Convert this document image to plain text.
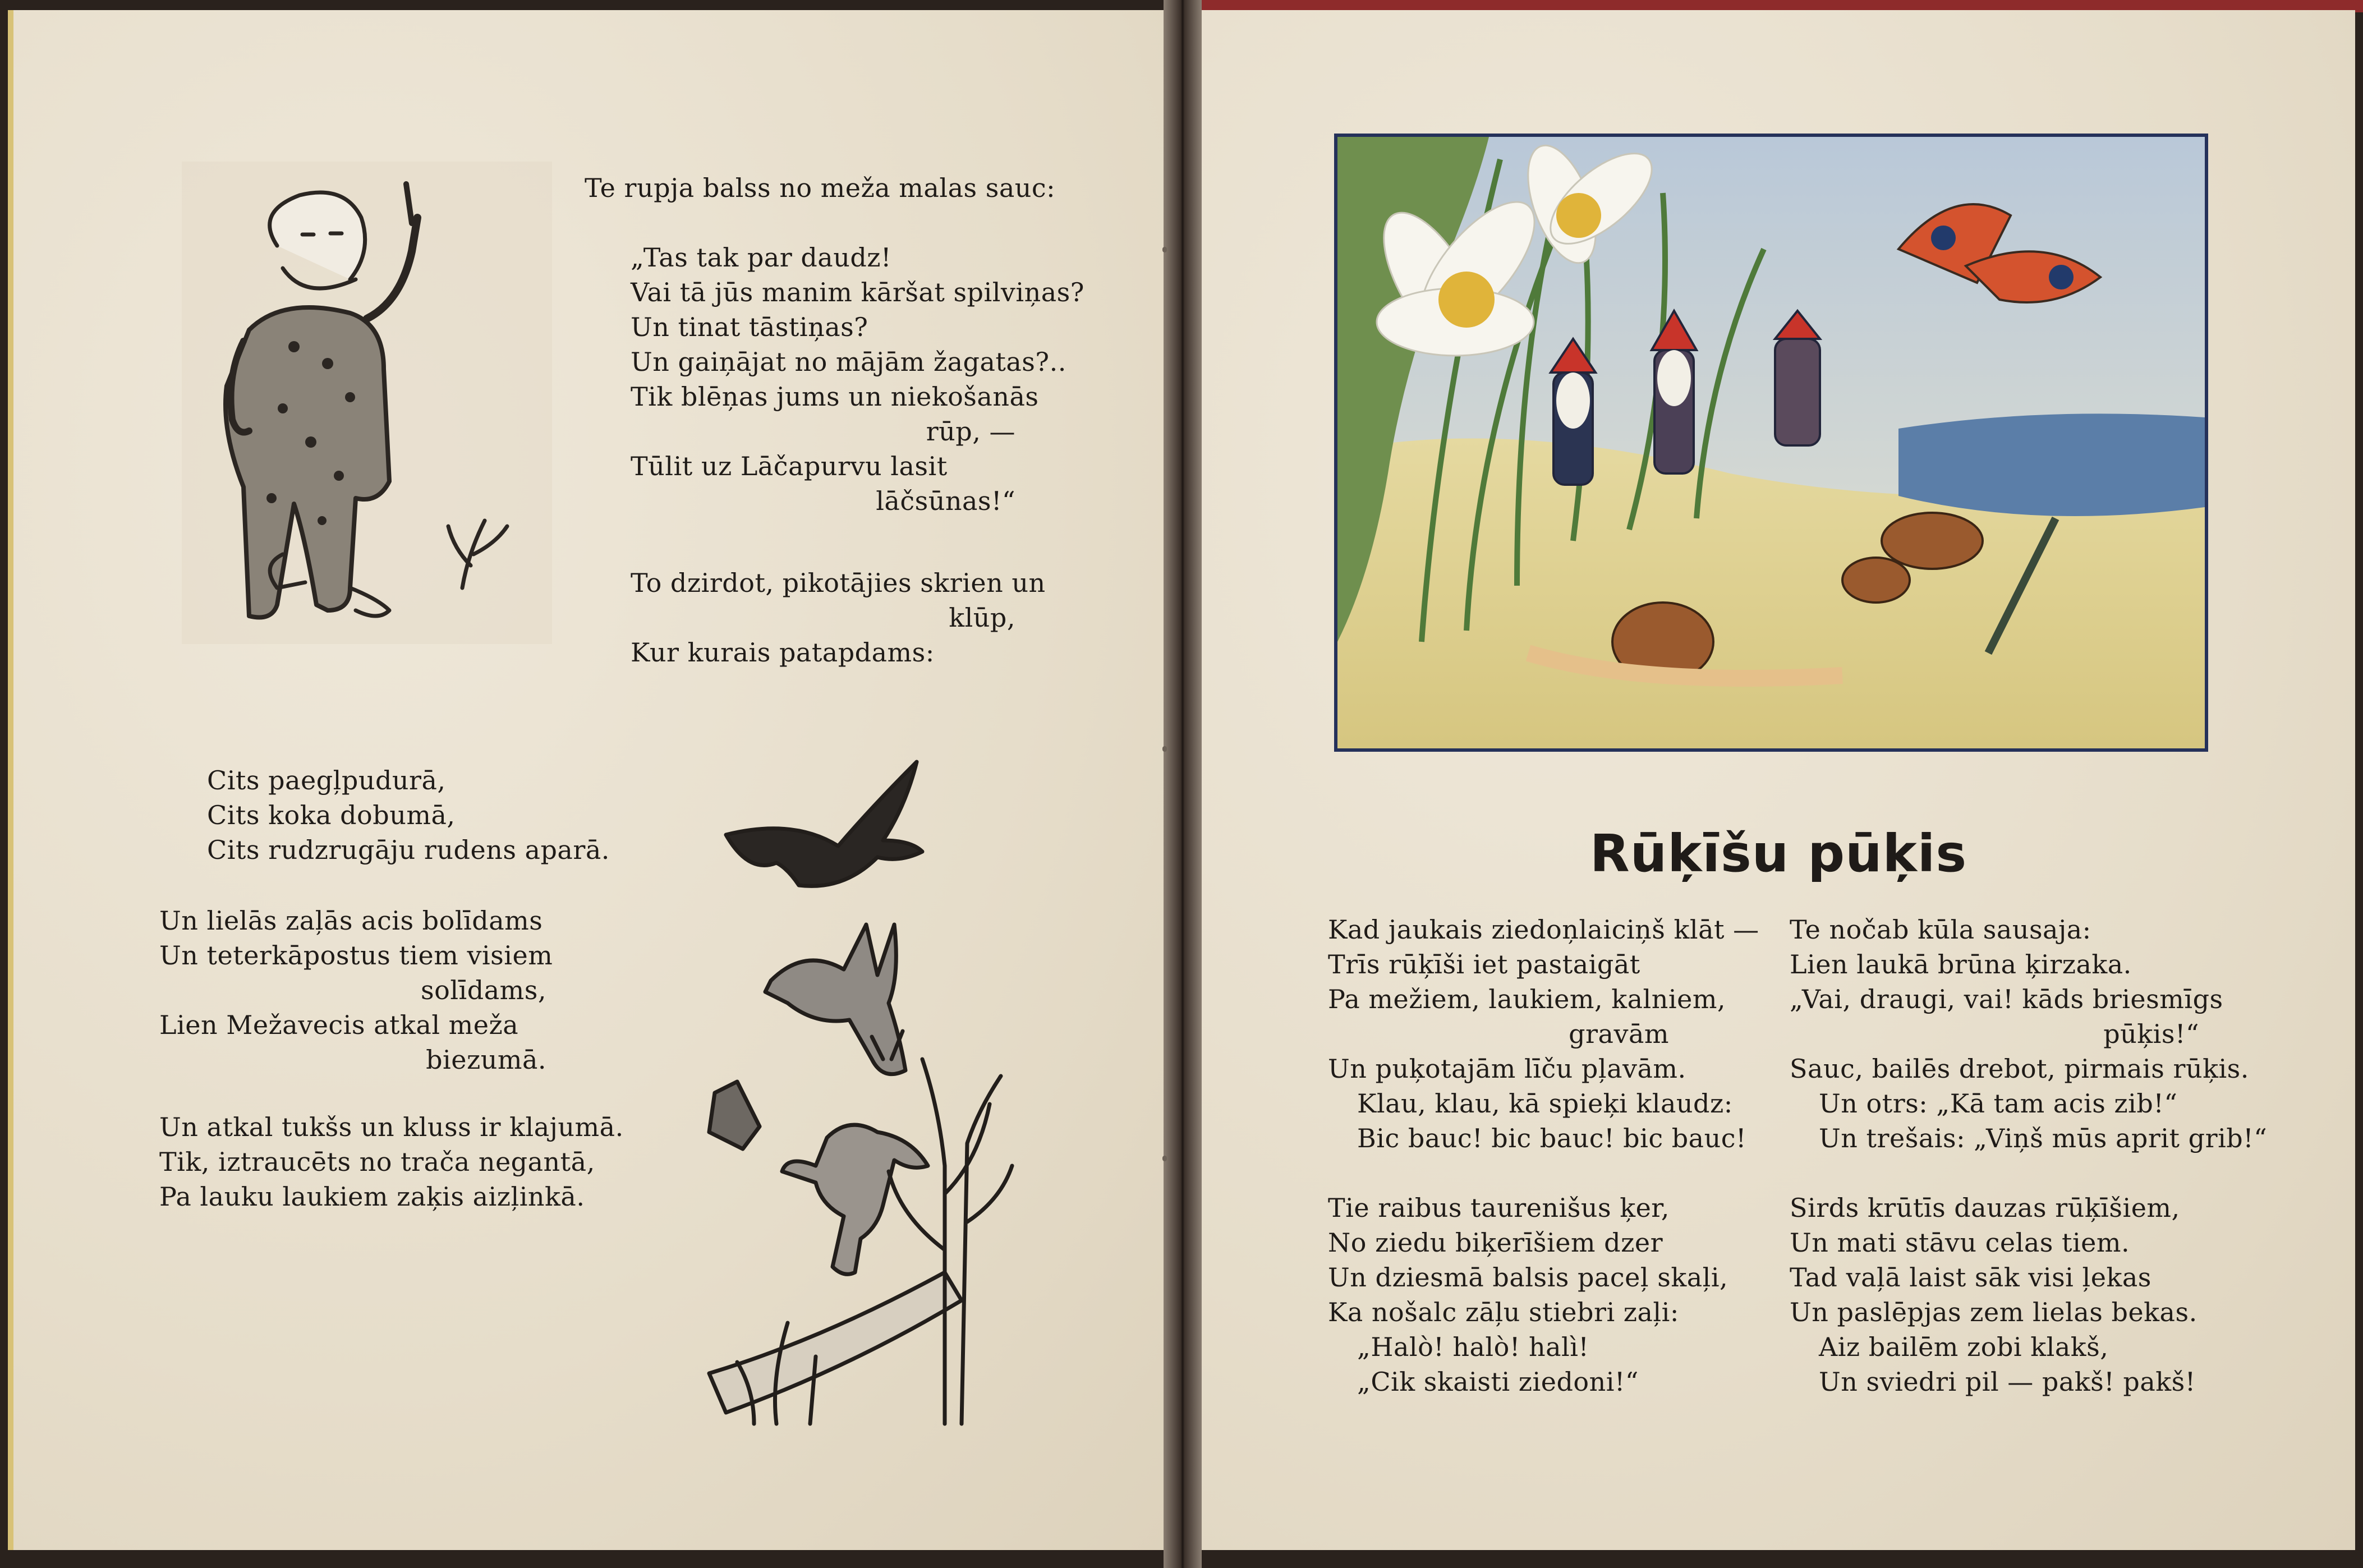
Te rupja balss no meža malas sauc:
„Tas tak par daudz!
Vai tā jūs manim kāršat spilviņas?
Un tinat tāstiņas?
Un gaiņājat no mājām žagatas?..
Tik blēņas jums un niekošanās
rūp, —
Tūlit uz Lāčapurvu lasit
lāčsūnas!“
To dzirdot, pikotājies skrien un
klūp,
Kur kurais patapdams:
Cits paegļpudurā,
Cits koka dobumā,
Cits rudzrugāju rudens aparā.
Un lielās zaļās acis bolīdams
Un teterkāpostus tiem visiem
solīdams,
Lien Mežavecis atkal meža
biezumā.
Un atkal tukšs un kluss ir klajumā.
Tik, iztraucēts no trača negantā,
Pa lauku laukiem zaķis aizļinkā.
Rūķīšu pūķis
Kad jaukais ziedoņlaiciņš klāt —
Trīs rūķīši iet pastaigāt
Pa mežiem, laukiem, kalniem,
gravām
Un puķotajām līču pļavām.
Klau, klau, kā spieķi klaudz:
Bic bauc! bic bauc! bic bauc!
Tie raibus taurenišus ķer,
No ziedu biķerīšiem dzer
Un dziesmā balsis paceļ skaļi,
Ka nošalc zāļu stiebri zaļi:
„Halò! halò! halì!
„Cik skaisti ziedoni!“
Te nočab kūla sausaja:
Lien laukā brūna ķirzaka.
„Vai, draugi, vai! kāds briesmīgs
pūķis!“
Sauc, bailēs drebot, pirmais rūķis.
Un otrs: „Kā tam acis zib!“
Un trešais: „Viņš mūs aprit grib!“
Sirds krūtīs dauzas rūķīšiem,
Un mati stāvu celas tiem.
Tad vaļā laist sāk visi ļekas
Un paslēpjas zem lielas bekas.
Aiz bailēm zobi klakš,
Un sviedri pil — pakš! pakš!
